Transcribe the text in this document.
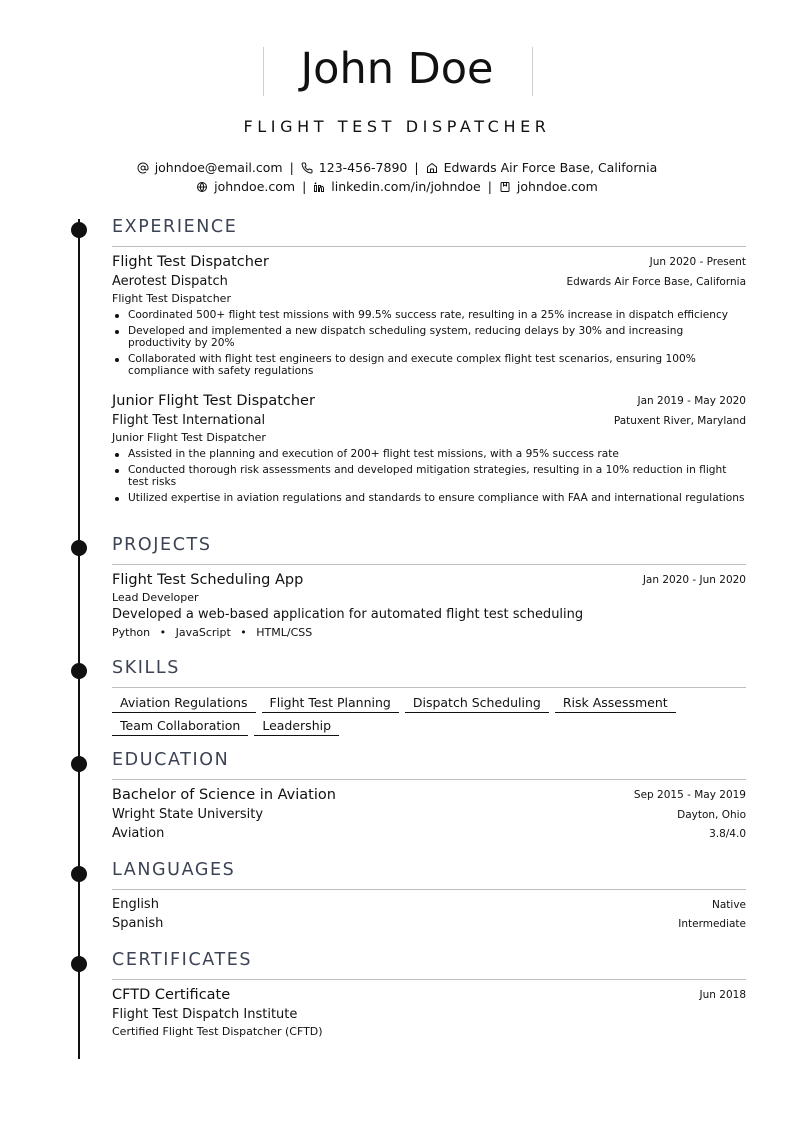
John Doe
FLIGHT TEST DISPATCHER
johndoe@email.com | 123-456-7890 | Edwards Air Force Base, California
johndoe.com | linkedin.com/in/johndoe | johndoe.com
EXPERIENCE
Flight Test Dispatcher	Jun 2020 - Present
Aerotest Dispatch	Edwards Air Force Base, California
Flight Test Dispatcher
Coordinated 500+ flight test missions with 99.5% success rate, resulting in a 25% increase in dispatch efficiency
Developed and implemented a new dispatch scheduling system, reducing delays by 30% and increasing productivity by 20%
Collaborated with flight test engineers to design and execute complex flight test scenarios, ensuring 100% compliance with safety regulations
Junior Flight Test Dispatcher	Jan 2019 - May 2020
Flight Test International	Patuxent River, Maryland
Junior Flight Test Dispatcher
Assisted in the planning and execution of 200+ flight test missions, with a 95% success rate
Conducted thorough risk assessments and developed mitigation strategies, resulting in a 10% reduction in flight test risks
Utilized expertise in aviation regulations and standards to ensure compliance with FAA and international regulations
PROJECTS
Flight Test Scheduling App	Jan 2020 - Jun 2020
Lead Developer
Developed a web-based application for automated flight test scheduling
Python • JavaScript • HTML/CSS
SKILLS
Aviation Regulations Flight Test Planning Dispatch Scheduling Risk Assessment
Team Collaboration Leadership
EDUCATION
Bachelor of Science in Aviation	Sep 2015 - May 2019
Wright State University	Dayton, Ohio
Aviation	3.8/4.0
LANGUAGES
English	Native
Spanish	Intermediate
CERTIFICATES
CFTD Certificate	Jun 2018
Flight Test Dispatch Institute
Certified Flight Test Dispatcher (CFTD)
